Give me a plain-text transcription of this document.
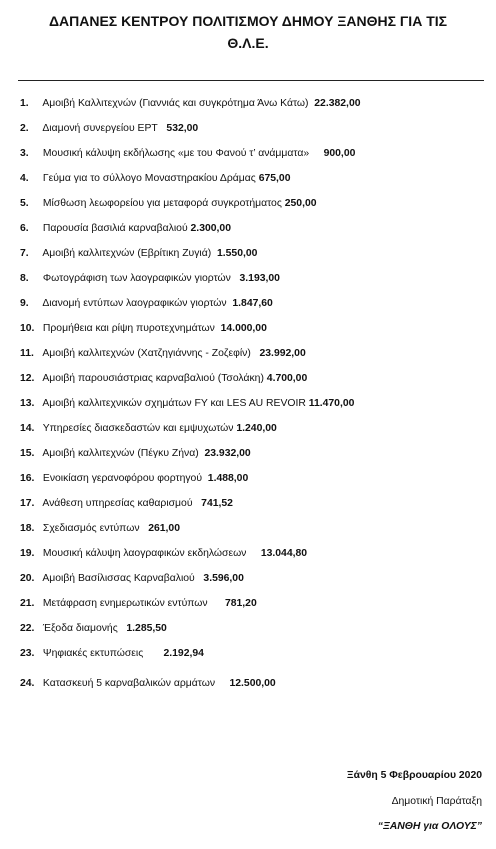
ΔΑΠΑΝΕΣ ΚΕΝΤΡΟΥ ΠΟΛΙΤΙΣΜΟΥ ΔΗΜΟΥ ΞΑΝΘΗΣ ΓΙΑ ΤΙΣ
Θ.Λ.Ε.
1. Αμοιβή Καλλιτεχνών (Γιαννιάς και συγκρότημα Άνω Κάτω) 22.382,00
2. Διαμονή συνεργείου ΕΡΤ 532,00
3. Μουσική κάλυψη εκδήλωσης «με του Φανού τ’ ανάμματα» 900,00
4. Γεύμα για το σύλλογο Μοναστηρακίου Δράμας 675,00
5. Μίσθωση λεωφορείου για μεταφορά συγκροτήματος 250,00
6. Παρουσία βασιλιά καρναβαλιού 2.300,00
7. Αμοιβή καλλιτεχνών (Εβρίτικη Ζυγιά) 1.550,00
8. Φωτογράφιση των λαογραφικών γιορτών 3.193,00
9. Διανομή εντύπων λαογραφικών γιορτών 1.847,60
10. Προμήθεια και ρίψη πυροτεχνημάτων 14.000,00
11. Αμοιβή καλλιτεχνών (Χατζηγιάννης - Ζοζεφίν) 23.992,00
12. Αμοιβή παρουσιάστριας καρναβαλιού (Τσολάκη) 4.700,00
13. Αμοιβή καλλιτεχνικών σχημάτων FY και LES AU REVOIR 11.470,00
14. Υπηρεσίες διασκεδαστών και εμψυχωτών 1.240,00
15. Αμοιβή καλλιτεχνών (Πέγκυ Ζήνα) 23.932,00
16. Ενοικίαση γερανοφόρου φορτηγού 1.488,00
17. Ανάθεση υπηρεσίας καθαρισμού 741,52
18. Σχεδιασμός εντύπων 261,00
19. Μουσική κάλυψη λαογραφικών εκδηλώσεων 13.044,80
20. Αμοιβή Βασίλισσας Καρναβαλιού 3.596,00
21. Μετάφραση ενημερωτικών εντύπων 781,20
22. Έξοδα διαμονής 1.285,50
23. Ψηφιακές εκτυπώσεις 2.192,94
24. Κατασκευή 5 καρναβαλικών αρμάτων 12.500,00
Ξάνθη 5 Φεβρουαρίου 2020
Δημοτική Παράταξη
“ΞΑΝΘΗ για ΟΛΟΥΣ”
